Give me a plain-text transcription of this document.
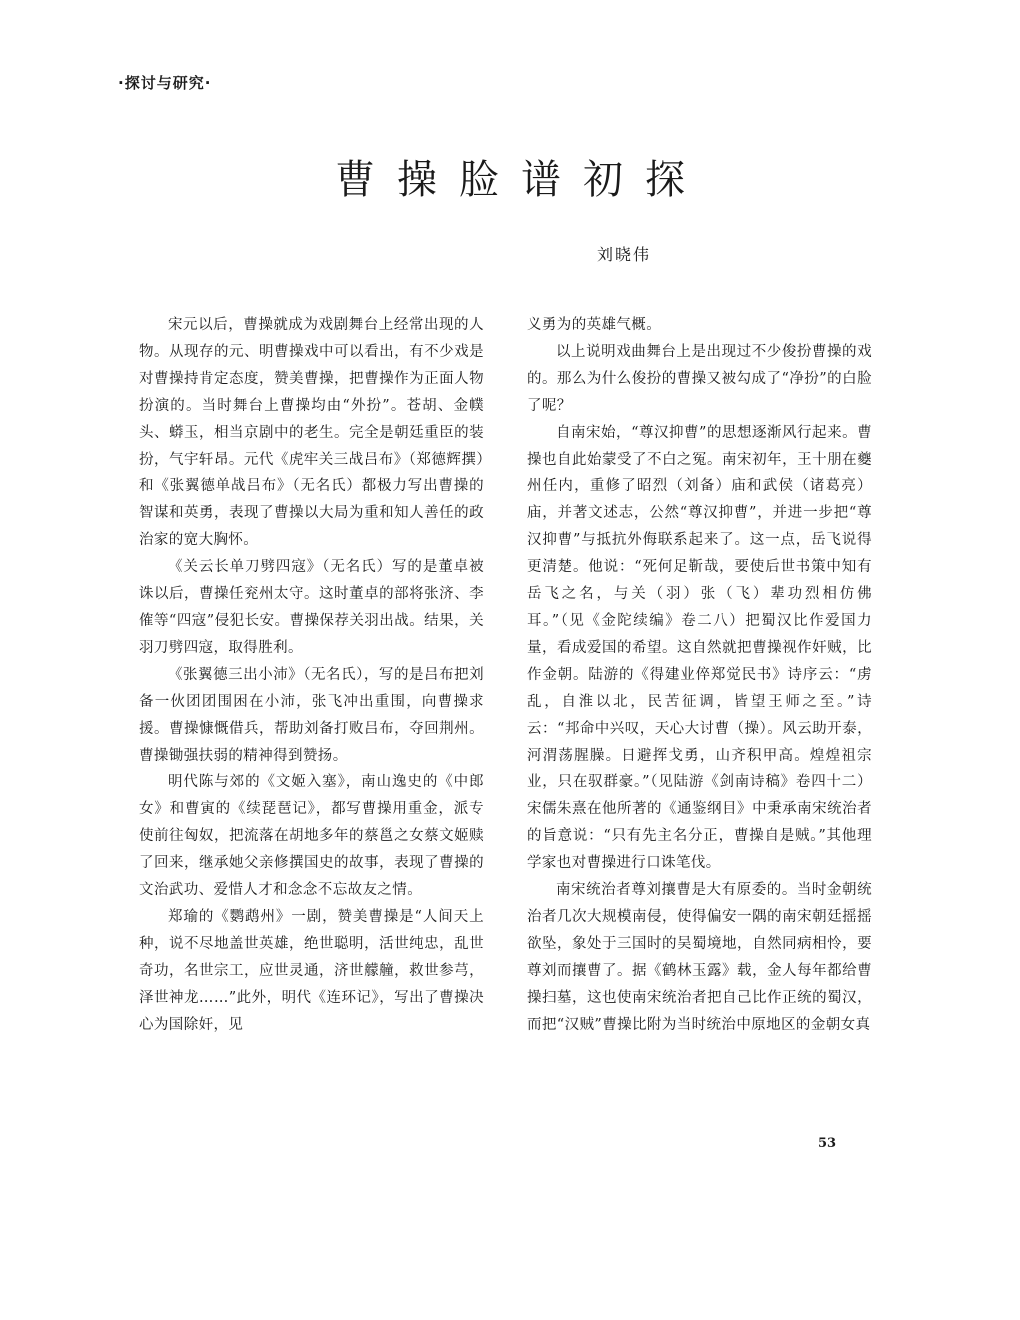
·探讨与研究·
曹操脸谱初探
刘晓伟

宋元以后，曹操就成为戏剧舞台上经常出现的人物。从现存的元、明曹操戏中可以看出，有不少戏是对曹操持肯定态度，赞美曹操，把曹操作为正面人物扮演的。当时舞台上曹操均由“外扮”。苍胡、金幞头、蟒玉，相当京剧中的老生。完全是朝廷重臣的装扮，气宇轩昂。元代《虎牢关三战吕布》（郑德辉撰）和《张翼德单战吕布》（无名氏）都极力写出曹操的智谋和英勇，表现了曹操以大局为重和知人善任的政治家的宽大胸怀。

《关云长单刀劈四寇》（无名氏）写的是董卓被诛以后，曹操任兖州太守。这时董卓的部将张济、李傕等“四寇”侵犯长安。曹操保荐关羽出战。结果，关羽刀劈四寇，取得胜利。

《张翼德三出小沛》（无名氏），写的是吕布把刘备一伙团团围困在小沛，张飞冲出重围，向曹操求援。曹操慷慨借兵，帮助刘备打败吕布，夺回荆州。曹操锄强扶弱的精神得到赞扬。

明代陈与郊的《文姬入塞》，南山逸史的《中郎女》和曹寅的《续琵琶记》，都写曹操用重金，派专使前往匈奴，把流落在胡地多年的蔡邕之女蔡文姬赎了回来，继承她父亲修撰国史的故事，表现了曹操的文治武功、爱惜人才和念念不忘故友之情。

郑瑜的《鹦鹉州》一剧，赞美曹操是“人间天上种，说不尽地盖世英雄，绝世聪明，活世纯忠，乱世奇功，名世宗工，应世灵通，济世艨艟，救世参芎，泽世神龙……”此外，明代《连环记》，写出了曹操决心为国除奸，见

义勇为的英雄气概。

以上说明戏曲舞台上是出现过不少俊扮曹操的戏的。那么为什么俊扮的曹操又被勾成了“净扮”的白脸了呢？

自南宋始，“尊汉抑曹”的思想逐渐风行起来。曹操也自此始蒙受了不白之冤。南宋初年，王十朋在夔州任内，重修了昭烈（刘备）庙和武侯（诸葛亮）庙，并著文述志，公然“尊汉抑曹”，并进一步把“尊汉抑曹”与抵抗外侮联系起来了。这一点，岳飞说得更清楚。他说：“死何足靳哉，要使后世书策中知有岳飞之名，与关（羽）张（飞）辈功烈相仿佛耳。”（见《金陀续编》卷二八）把蜀汉比作爱国力量，看成爱国的希望。这自然就把曹操视作奸贼，比作金朝。陆游的《得建业倅郑觉民书》诗序云：“虏乱，自淮以北，民苦征调，皆望王师之至。”诗云：“邦命中兴叹，天心大讨曹（操）。风云助开泰，河渭荡腥臊。日避挥戈勇，山齐积甲高。煌煌祖宗业，只在驭群豪。”（见陆游《剑南诗稿》卷四十二）宋儒朱熹在他所著的《通鉴纲目》中秉承南宋统治者的旨意说：“只有先主名分正，曹操自是贼。”其他理学家也对曹操进行口诛笔伐。

南宋统治者尊刘攘曹是大有原委的。当时金朝统治者几次大规模南侵，使得偏安一隅的南宋朝廷摇摇欲坠，象处于三国时的吴蜀境地，自然同病相怜，要尊刘而攘曹了。据《鹤林玉露》载，金人每年都给曹操扫墓，这也使南宋统治者把自己比作正统的蜀汉，而把“汉贼”曹操比附为当时统治中原地区的金朝女真

53
